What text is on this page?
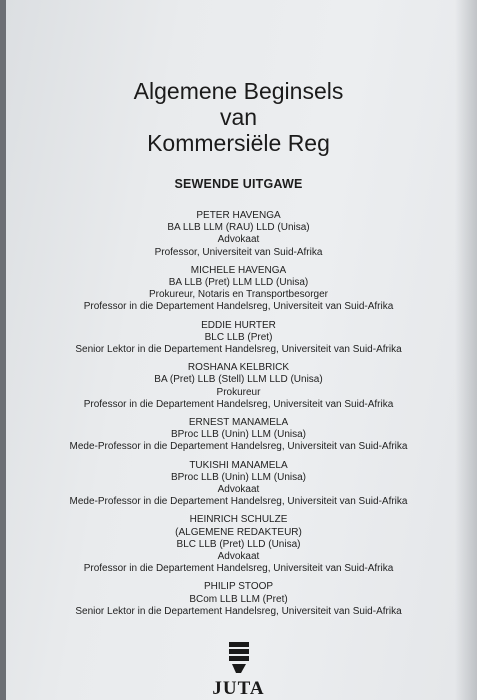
Algemene Beginsels
van
Kommersiële Reg
SEWENDE UITGAWE
PETER HAVENGA
BA LLB LLM (RAU) LLD (Unisa)
Advokaat
Professor, Universiteit van Suid-Afrika
MICHELE HAVENGA
BA LLB (Pret) LLM LLD (Unisa)
Prokureur, Notaris en Transportbesorger
Professor in die Departement Handelsreg, Universiteit van Suid-Afrika
EDDIE HURTER
BLC LLB (Pret)
Senior Lektor in die Departement Handelsreg, Universiteit van Suid-Afrika
ROSHANA KELBRICK
BA (Pret) LLB (Stell) LLM LLD (Unisa)
Prokureur
Professor in die Departement Handelsreg, Universiteit van Suid-Afrika
ERNEST MANAMELA
BProc LLB (Unin) LLM (Unisa)
Mede-Professor in die Departement Handelsreg, Universiteit van Suid-Afrika
TUKISHI MANAMELA
BProc LLB (Unin) LLM (Unisa)
Advokaat
Mede-Professor in die Departement Handelsreg, Universiteit van Suid-Afrika
HEINRICH SCHULZE
(ALGEMENE REDAKTEUR)
BLC LLB (Pret) LLD (Unisa)
Advokaat
Professor in die Departement Handelsreg, Universiteit van Suid-Afrika
PHILIP STOOP
BCom LLB LLM (Pret)
Senior Lektor in die Departement Handelsreg, Universiteit van Suid-Afrika
JUTA
